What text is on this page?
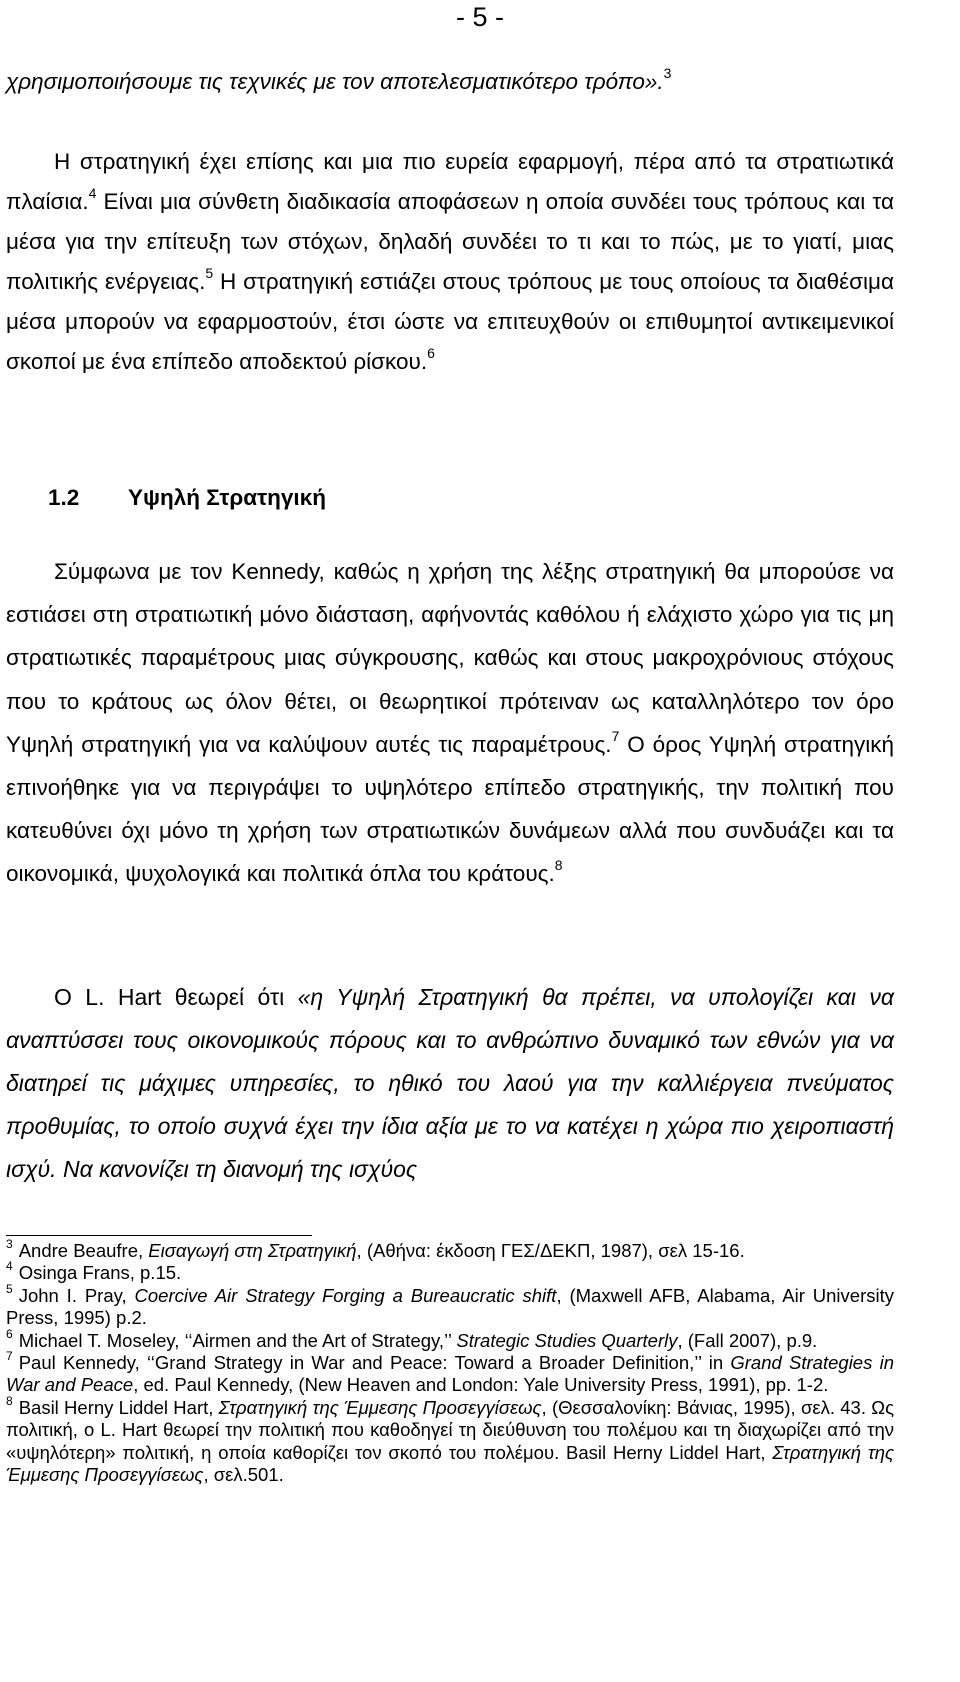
- 5 -

χρησιμοποιήσουμε τις τεχνικές με τον αποτελεσματικότερο τρόπο».$^3$

Η στρατηγική έχει επίσης και μια πιο ευρεία εφαρμογή, πέρα από τα στρατιωτικά πλαίσια.$^4$ Είναι μια σύνθετη διαδικασία αποφάσεων η οποία συνδέει τους τρόπους και τα μέσα για την επίτευξη των στόχων, δηλαδή συνδέει το τι και το πώς, με το γιατί, μιας πολιτικής ενέργειας.$^5$ Η στρατηγική εστιάζει στους τρόπους με τους οποίους τα διαθέσιμα μέσα μπορούν να εφαρμοστούν, έτσι ώστε να επιτευχθούν οι επιθυμητοί αντικειμενικοί σκοποί με ένα επίπεδο αποδεκτού ρίσκου.$^6$

1.2 Υψηλή Στρατηγική

Σύμφωνα με τον Kennedy, καθώς η χρήση της λέξης στρατηγική θα μπορούσε να εστιάσει στη στρατιωτική μόνο διάσταση, αφήνοντάς καθόλου ή ελάχιστο χώρο για τις μη στρατιωτικές παραμέτρους μιας σύγκρουσης, καθώς και στους μακροχρόνιους στόχους που το κράτους ως όλον θέτει, οι θεωρητικοί πρότειναν ως καταλληλότερο τον όρο Υψηλή στρατηγική για να καλύψουν αυτές τις παραμέτρους.$^7$ Ο όρος Υψηλή στρατηγική επινοήθηκε για να περιγράψει το υψηλότερο επίπεδο στρατηγικής, την πολιτική που κατευθύνει όχι μόνο τη χρήση των στρατιωτικών δυνάμεων αλλά που συνδυάζει και τα οικονομικά, ψυχολογικά και πολιτικά όπλα του κράτους.$^8$

Ο L. Hart θεωρεί ότι «η Υψηλή Στρατηγική θα πρέπει, να υπολογίζει και να αναπτύσσει τους οικονομικούς πόρους και το ανθρώπινο δυναμικό των εθνών για να διατηρεί τις μάχιμες υπηρεσίες, το ηθικό του λαού για την καλλιέργεια πνεύματος προθυμίας, το οποίο συχνά έχει την ίδια αξία με το να κατέχει η χώρα πιο χειροπιαστή ισχύ. Να κανονίζει τη διανομή της ισχύος

$^3$ Andre Beaufre, Εισαγωγή στη Στρατηγική, (Αθήνα: έκδοση ΓΕΣ/ΔΕΚΠ, 1987), σελ 15-16.

$^4$ Osinga Frans, p.15.

$^5$ John I. Pray, Coercive Air Strategy Forging a Bureaucratic shift, (Maxwell AFB, Alabama, Air University Press, 1995) p.2.

$^6$ Michael T. Moseley, ‘‘Airmen and the Art of Strategy,’’ Strategic Studies Quarterly, (Fall 2007), p.9.

$^7$ Paul Kennedy, ‘‘Grand Strategy in War and Peace: Toward a Broader Definition,’’ in Grand Strategies in War and Peace, ed. Paul Kennedy, (New Heaven and London: Yale University Press, 1991), pp. 1-2.

$^8$ Basil Herny Liddel Hart, Στρατηγική της Έμμεσης Προσεγγίσεως, (Θεσσαλονίκη: Βάνιας, 1995), σελ. 43. Ως πολιτική, ο L. Hart θεωρεί την πολιτική που καθοδηγεί τη διεύθυνση του πολέμου και τη διαχωρίζει από την «υψηλότερη» πολιτική, η οποία καθορίζει τον σκοπό του πολέμου. Basil Herny Liddel Hart, Στρατηγική της Έμμεσης Προσεγγίσεως, σελ.501.
